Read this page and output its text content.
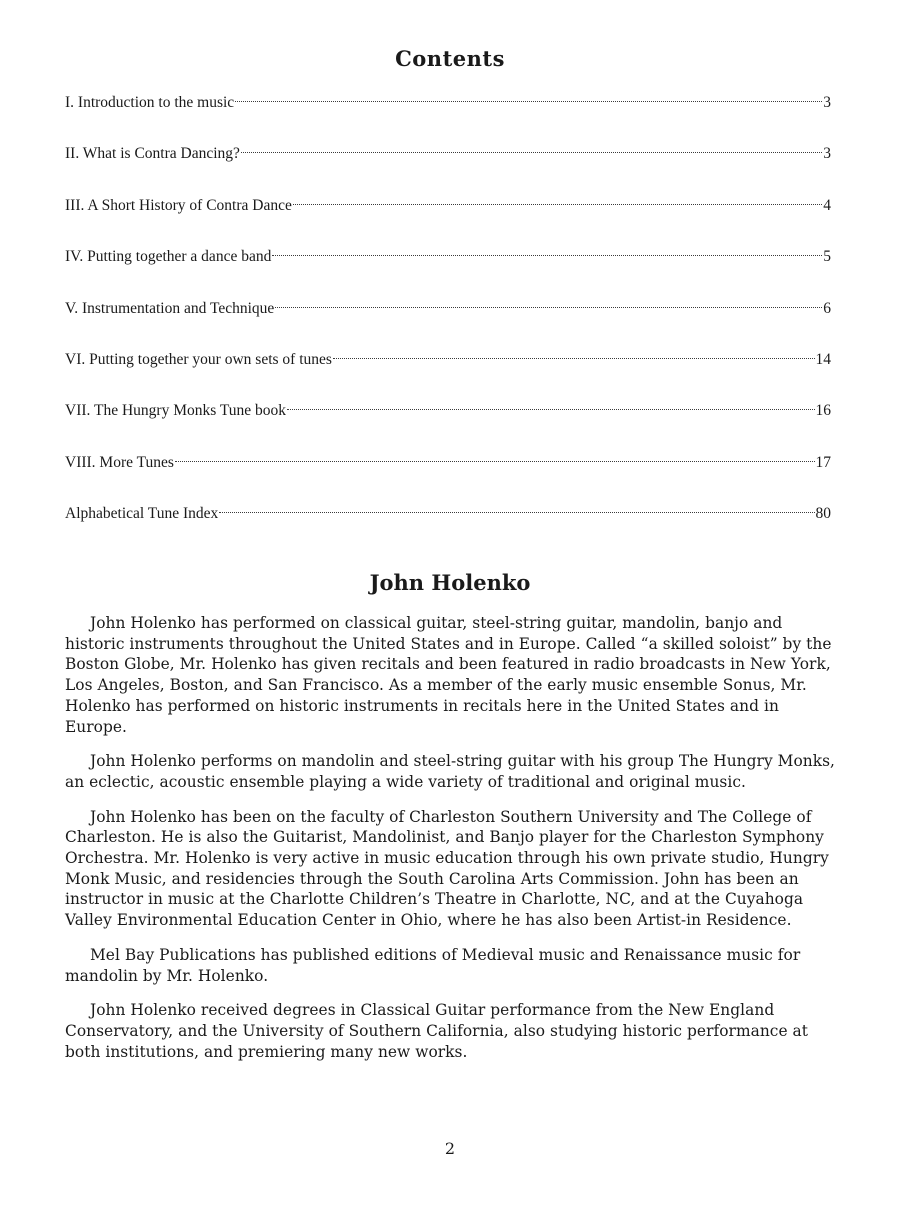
Contents
I. Introduction to the music	3
II. What is Contra Dancing?	3
III. A Short History of Contra Dance	4
IV. Putting together a dance band	5
V. Instrumentation and Technique	6
VI. Putting together your own sets of tunes	14
VII. The Hungry Monks Tune book	16
VIII. More Tunes	17
Alphabetical Tune Index	80
John Holenko

John Holenko has performed on classical guitar, steel-string guitar, mandolin, banjo and historic instruments throughout the United States and in Europe. Called “a skilled soloist” by the Boston Globe, Mr. Holenko has given recitals and been featured in radio broadcasts in New York, Los Angeles, Boston, and San Francisco. As a member of the early music ensemble Sonus, Mr. Holenko has performed on historic instruments in recitals here in the United States and in Europe.

John Holenko performs on mandolin and steel-string guitar with his group The Hungry Monks, an eclectic, acoustic ensemble playing a wide variety of traditional and original music.

John Holenko has been on the faculty of Charleston Southern University and The College of Charleston. He is also the Guitarist, Mandolinist, and Banjo player for the Charleston Symphony Orchestra. Mr. Holenko is very active in music education through his own private studio, Hungry Monk Music, and residencies through the South Carolina Arts Commission. John has been an instructor in music at the Charlotte Children’s Theatre in Charlotte, NC, and at the Cuyahoga Valley Environmental Education Center in Ohio, where he has also been Artist-in Residence.

Mel Bay Publications has published editions of Medieval music and Renaissance music for mandolin by Mr. Holenko.

John Holenko received degrees in Classical Guitar performance from the New England Conservatory, and the University of Southern California, also studying historic performance at both institutions, and premiering many new works.

2
